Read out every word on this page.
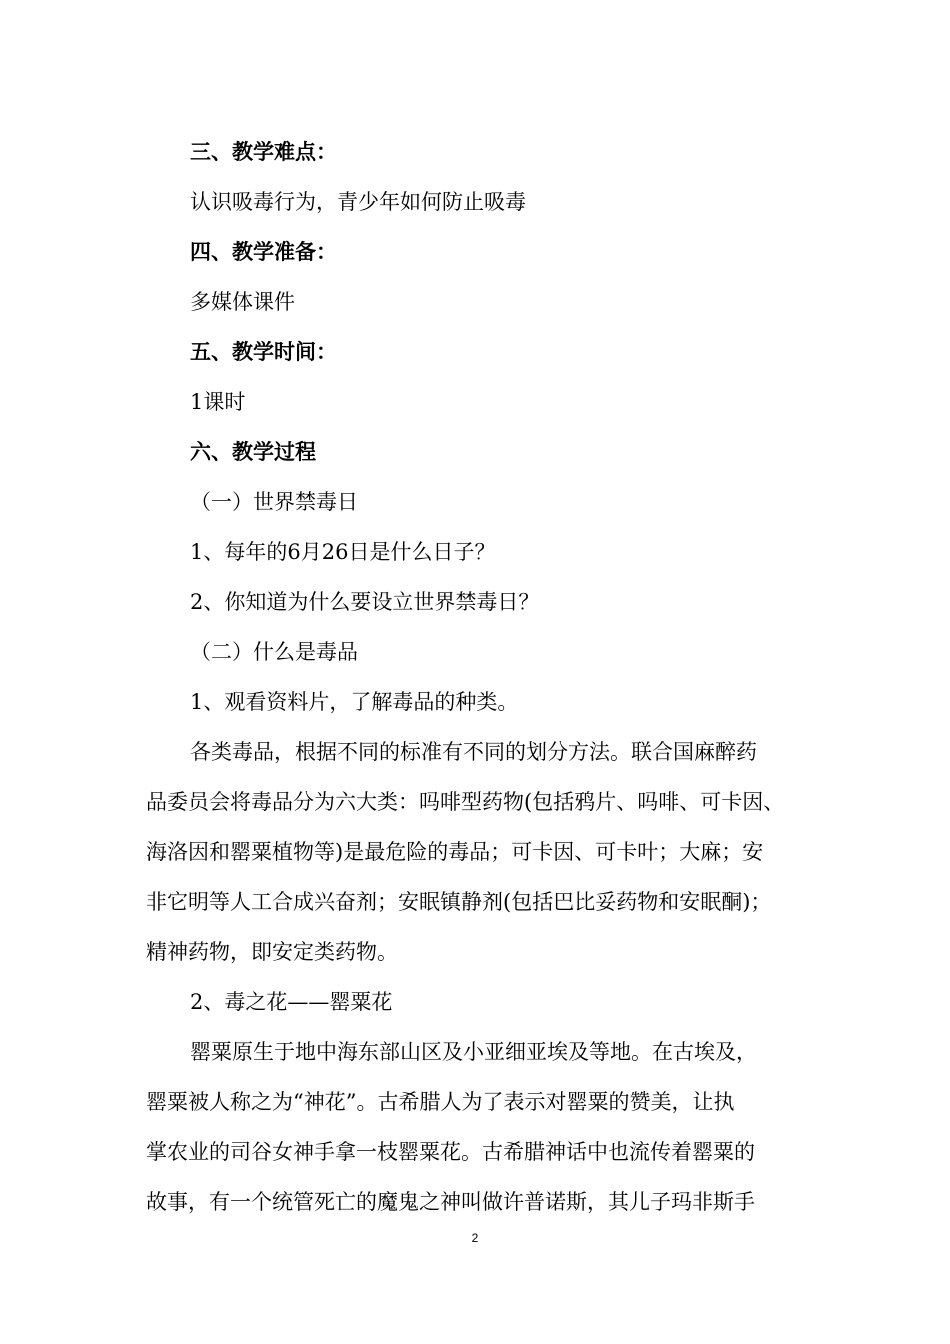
三、教学难点：
认识吸毒行为，青少年如何防止吸毒
四、教学准备：
多媒体课件
五、教学时间：
1课时
六、教学过程
（一）世界禁毒日
1、每年的6月26日是什么日子？
2、你知道为什么要设立世界禁毒日？
（二）什么是毒品
1、观看资料片，了解毒品的种类。
各类毒品，根据不同的标准有不同的划分方法。联合国麻醉药
品委员会将毒品分为六大类：吗啡型药物(包括鸦片、吗啡、可卡因、
海洛因和罂粟植物等)是最危险的毒品；可卡因、可卡叶；大麻；安
非它明等人工合成兴奋剂；安眠镇静剂(包括巴比妥药物和安眠酮)；
精神药物，即安定类药物。
2、毒之花——罂粟花
罂粟原生于地中海东部山区及小亚细亚埃及等地。在古埃及，
罂粟被人称之为“神花”。古希腊人为了表示对罂粟的赞美，让执
掌农业的司谷女神手拿一枝罂粟花。古希腊神话中也流传着罂粟的
故事，有一个统管死亡的魔鬼之神叫做许普诺斯，其儿子玛非斯手
2
